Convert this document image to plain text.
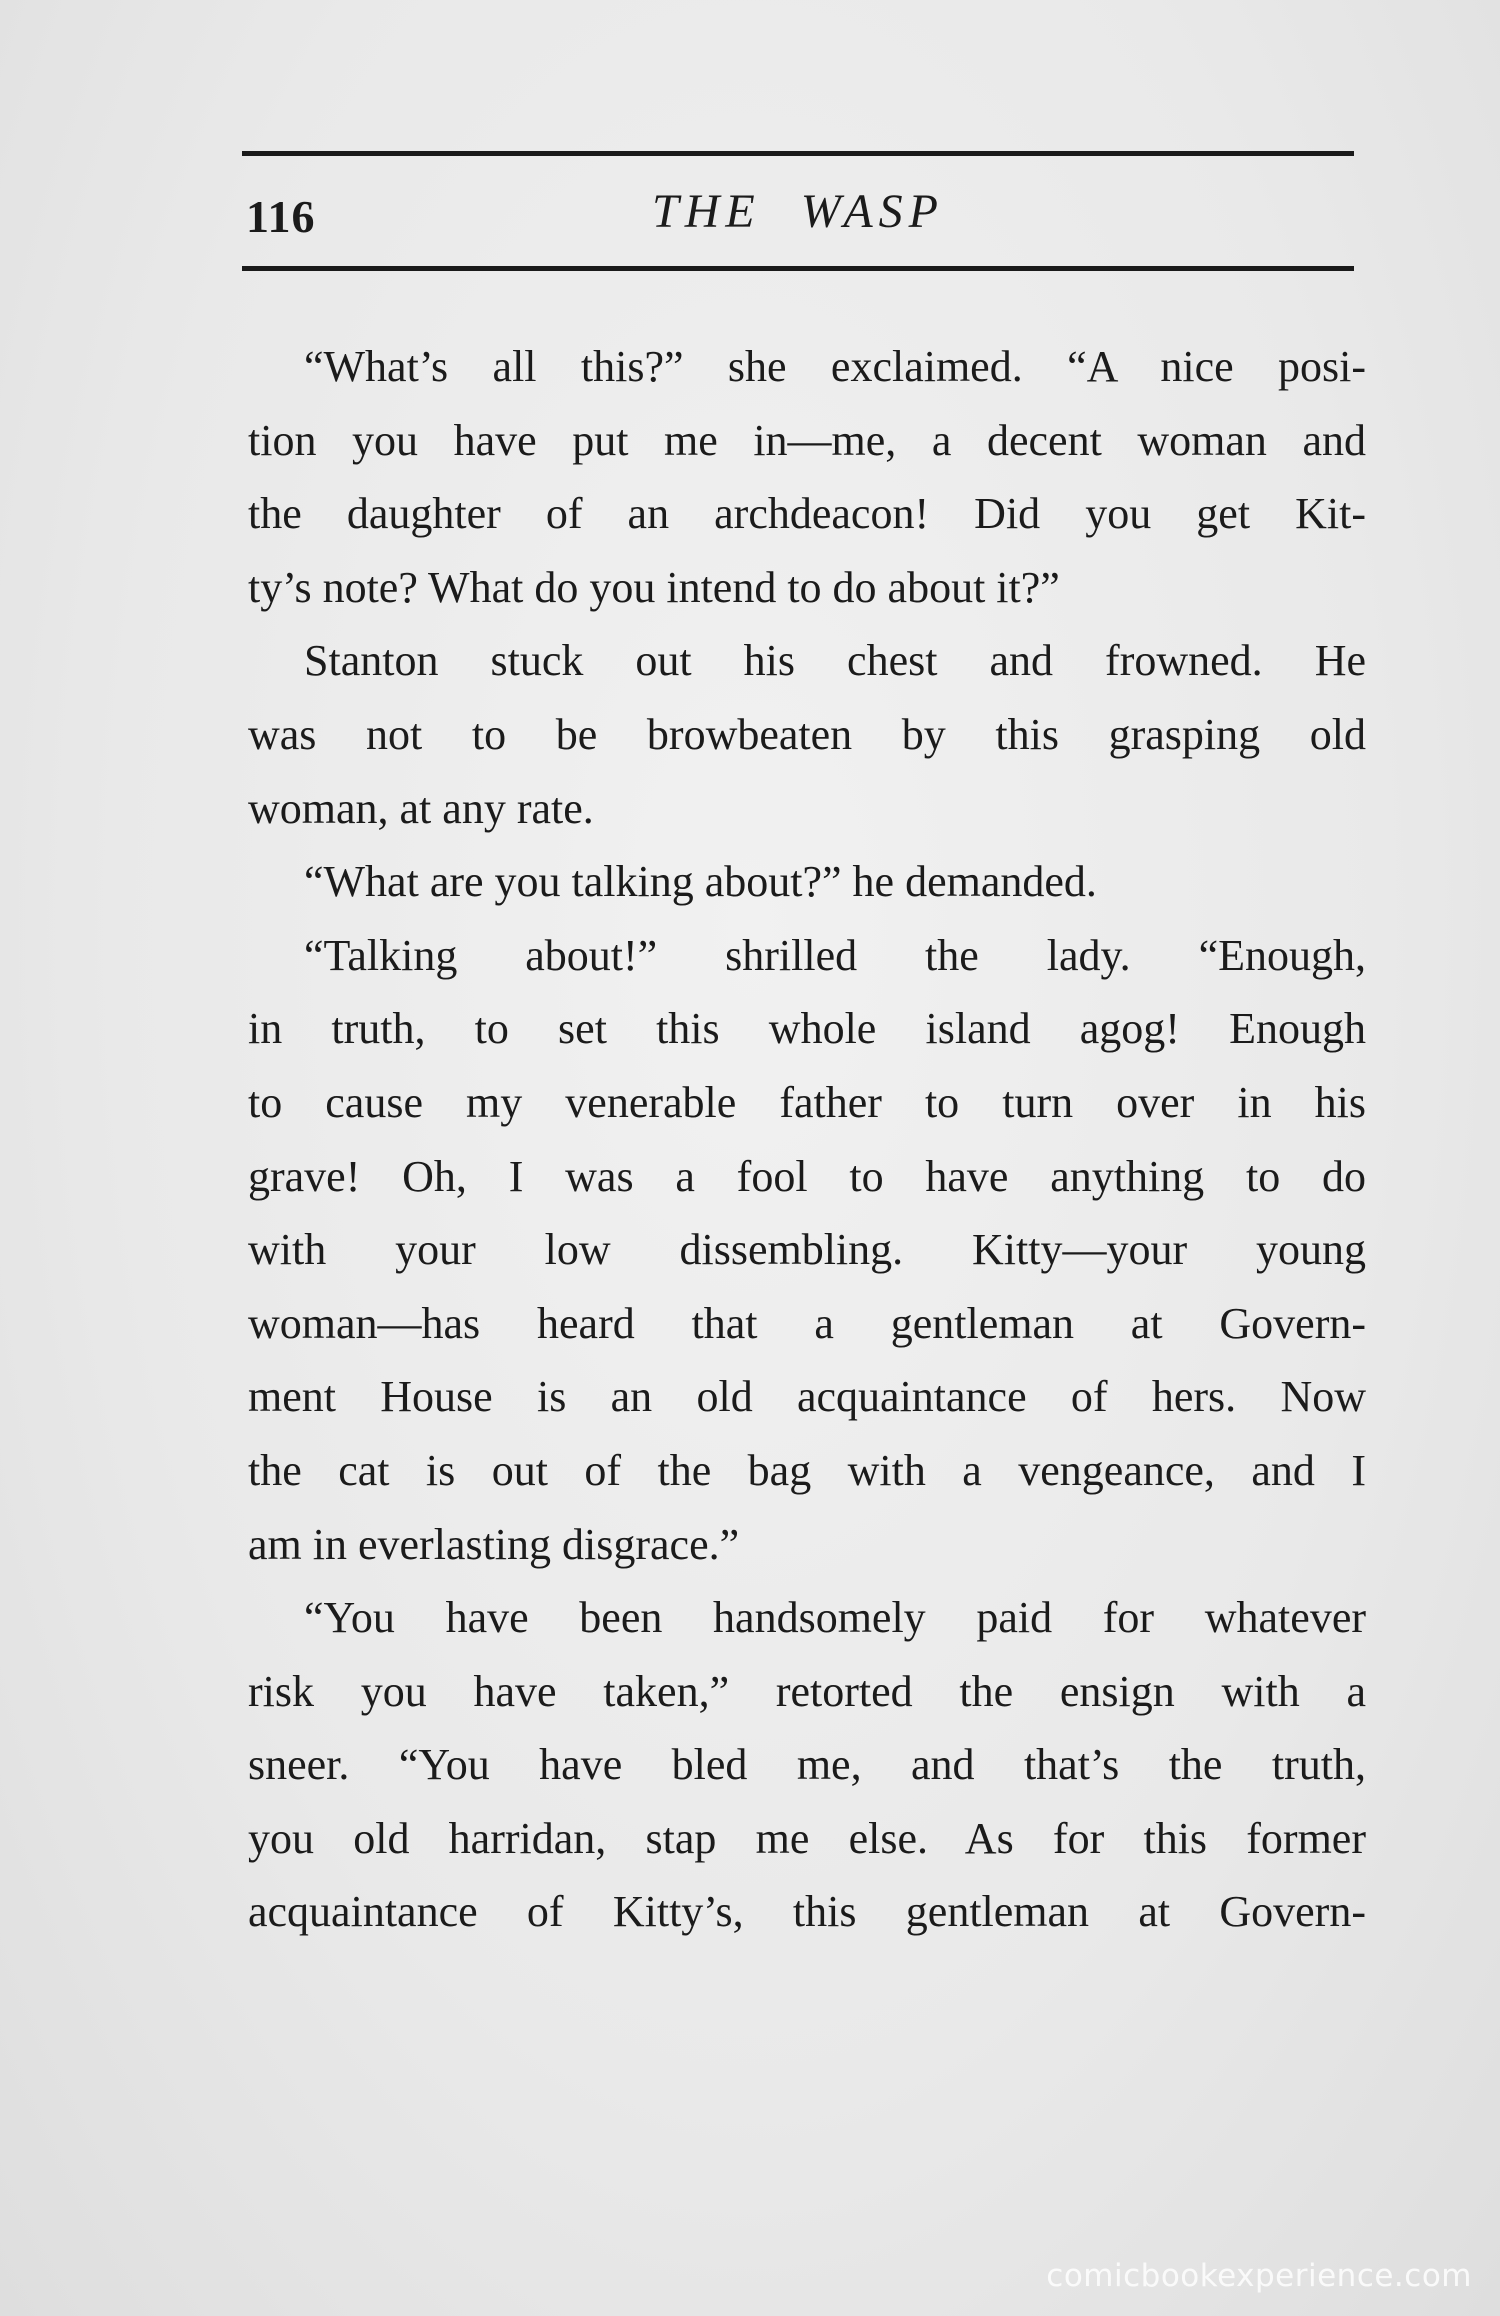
116	THE WASP
“What’s all this?” she exclaimed. “A nice posi-
tion you have put me in—me, a decent woman and
the daughter of an archdeacon! Did you get Kit-
ty’s note? What do you intend to do about it?”
Stanton stuck out his chest and frowned. He
was not to be browbeaten by this grasping old
woman, at any rate.
“What are you talking about?” he demanded.
“Talking about!” shrilled the lady. “Enough,
in truth, to set this whole island agog! Enough
to cause my venerable father to turn over in his
grave! Oh, I was a fool to have anything to do
with your low dissembling. Kitty—your young
woman—has heard that a gentleman at Govern-
ment House is an old acquaintance of hers. Now
the cat is out of the bag with a vengeance, and I
am in everlasting disgrace.”
“You have been handsomely paid for whatever
risk you have taken,” retorted the ensign with a
sneer. “You have bled me, and that’s the truth,
you old harridan, stap me else. As for this former
acquaintance of Kitty’s, this gentleman at Govern-
comicbookexperience.com
